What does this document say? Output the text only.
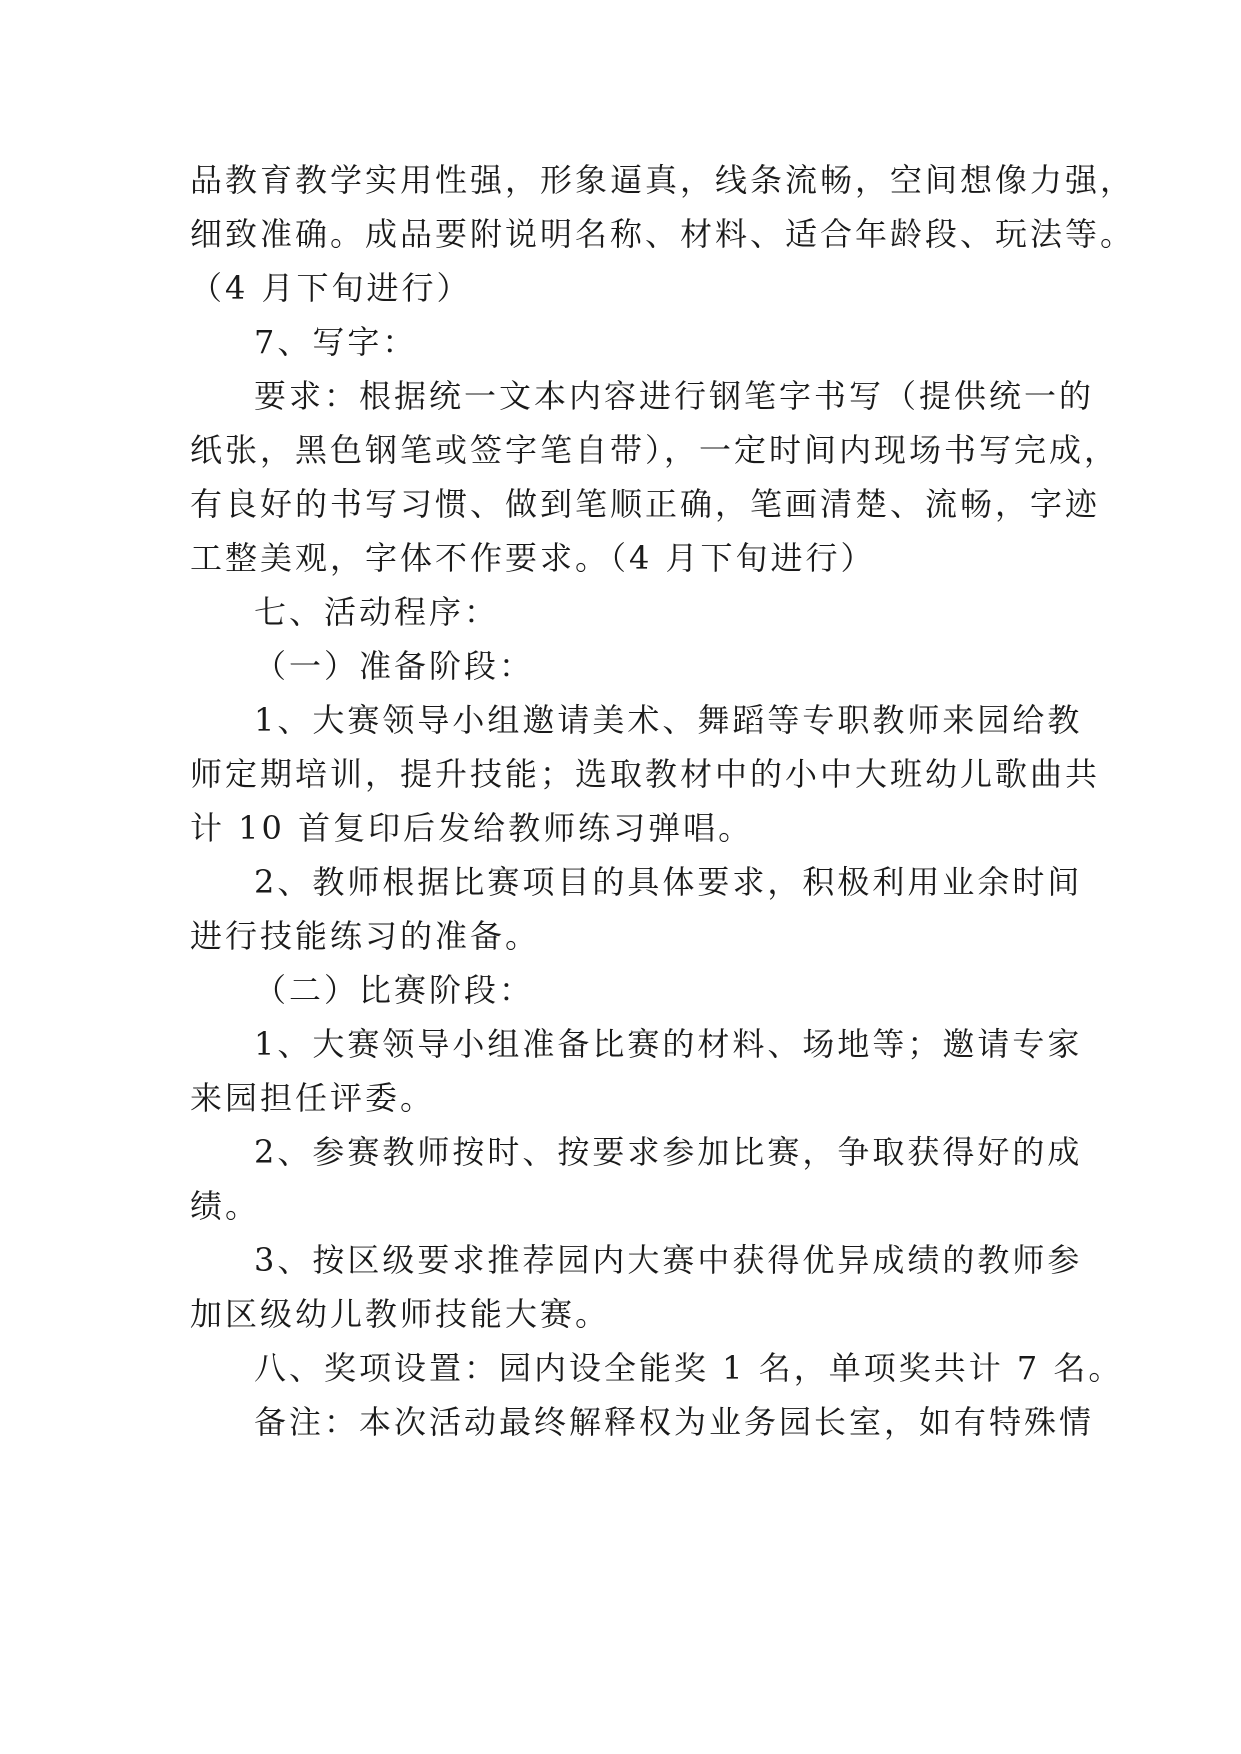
品教育教学实用性强，形象逼真，线条流畅，空间想像力强，
细致准确。成品要附说明名称、材料、适合年龄段、玩法等。
（4 月下旬进行）
7、写字：
要求：根据统一文本内容进行钢笔字书写（提供统一的
纸张，黑色钢笔或签字笔自带），一定时间内现场书写完成，
有良好的书写习惯、做到笔顺正确，笔画清楚、流畅，字迹
工整美观，字体不作要求。（4 月下旬进行）
七、活动程序：
（一）准备阶段：
1、大赛领导小组邀请美术、舞蹈等专职教师来园给教
师定期培训，提升技能；选取教材中的小中大班幼儿歌曲共
计 10 首复印后发给教师练习弹唱。
2、教师根据比赛项目的具体要求，积极利用业余时间
进行技能练习的准备。
（二）比赛阶段：
1、大赛领导小组准备比赛的材料、场地等；邀请专家
来园担任评委。
2、参赛教师按时、按要求参加比赛，争取获得好的成
绩。
3、按区级要求推荐园内大赛中获得优异成绩的教师参
加区级幼儿教师技能大赛。
八、奖项设置：园内设全能奖 1 名，单项奖共计 7 名。
备注：本次活动最终解释权为业务园长室，如有特殊情
